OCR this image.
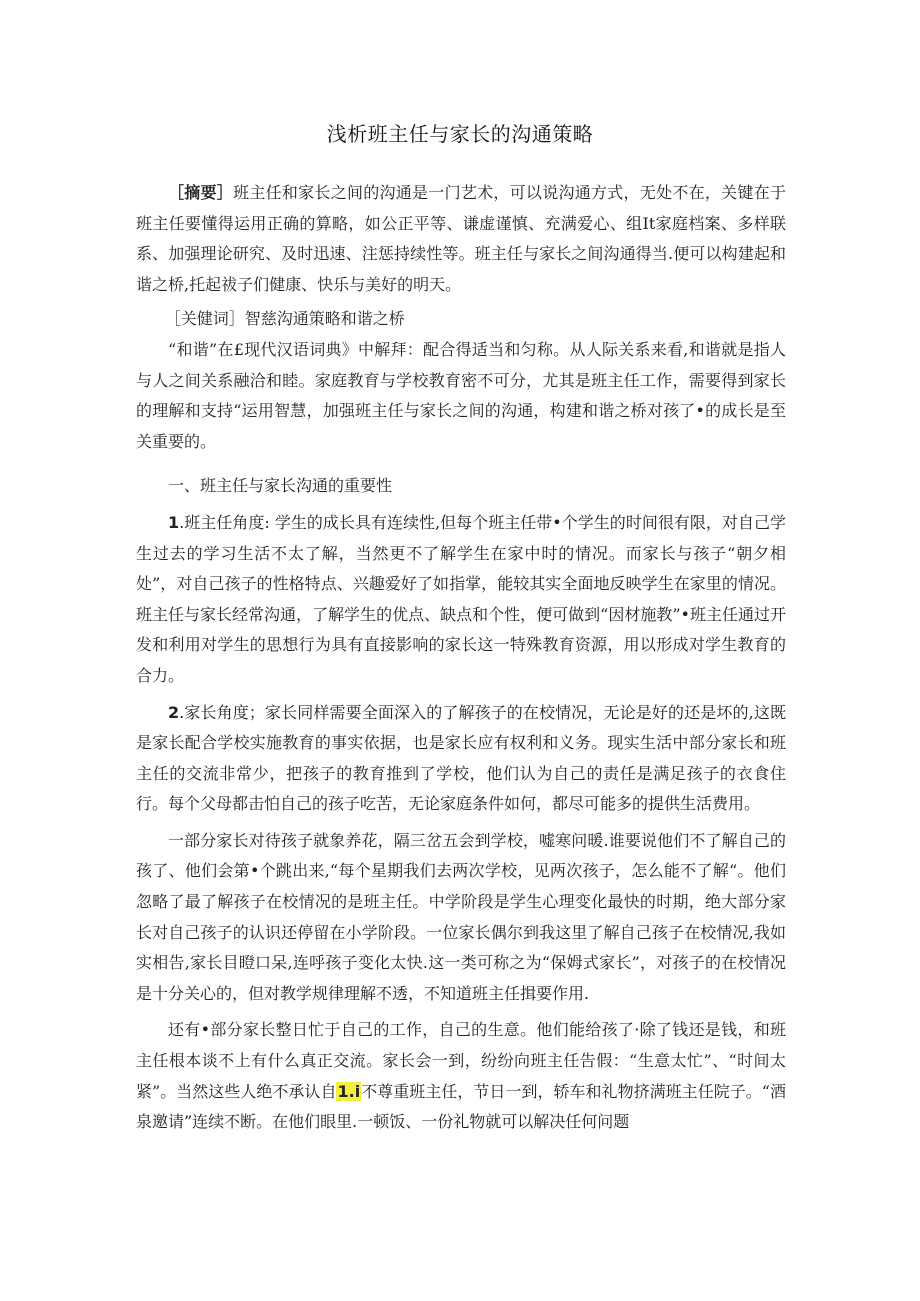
浅析班主任与家长的沟通策略

［摘要］班主任和家长之间的沟通是一门艺术，可以说沟通方式，无处不在，关键在于班主任要懂得运用正确的算略，如公正平等、谦虚谨慎、充满爱心、组It家庭档案、多样联系、加强理论研究、及时迅速、注惩持续性等。班主任与家长之间沟通得当.便可以构建起和谐之桥,托起祓子们健康、快乐与美好的明天。

［关健词］智慈沟通策略和谐之桥

“和谐”在£现代汉语词典》中解拜：配合得适当和匀称。从人际关系来看,和谐就是指人与人之间关系融洽和睦。家庭教育与学校教育密不可分，尤其是班主任工作，需要得到家长的理解和支持“运用智慧，加强班主任与家长之间的沟通，构建和谐之桥对孩了•的成长是至关重要的。

一、班主任与家长沟通的重要性

1.班主任角度: 学生的成长具有连续性,但每个班主任带•个学生的时间很有限，对自己学生过去的学习生活不太了解，当然更不了解学生在家中时的情况。而家长与孩子“朝夕相处”，对自己孩子的性格特点、兴趣爱好了如指掌，能较其实全面地反映学生在家里的情况。班主任与家长经常沟通，了解学生的优点、缺点和个性，便可做到“因材施教”•班主任通过开发和利用对学生的思想行为具有直接影响的家长这一特殊教育资源，用以形成对学生教育的合力。

2.家长角度；家长同样需要全面深入的了解孩子的在校情况，无论是好的还是坏的,这既是家长配合学校实施教育的事实依据，也是家长应有权利和义务。现实生活中部分家长和班主任的交流非常少，把孩子的教育推到了学校，他们认为自己的责任是满足孩子的衣食住行。每个父母都击怕自己的孩子吃苦，无论家庭条件如何，都尽可能多的提供生活费用。

一部分家长对待孩子就象养花，隔三岔五会到学校，嘘寒问暖.谁要说他们不了解自己的孩了、他们会第•个跳出来,“每个星期我们去两次学校，见两次孩子，怎么能不了解“。他们忽略了最了解孩子在校情况的是班主任。中学阶段是学生心理变化最快的时期，绝大部分家长对自己孩子的认识还停留在小学阶段。一位家长偶尔到我这里了解自己孩子在校情况,我如实相告,家长目瞪口呆,连呼孩子变化太快.这一类可称之为“保姆式家长”，对孩子的在校情况是十分关心的，但对教学规律理解不透，不知道班主任揖要作用.

还有•部分家长整日忙于自己的工作，自己的生意。他们能给孩了·除了钱还是钱，和班主任根本谈不上有什么真正交流。家长会一到，纷纷向班主任告假：“生意太忙”、“时间太紧”。当然这些人绝不承认自1.i不尊重班主任，节日一到，轿车和礼物挤满班主任院子。“酒泉邀请”连续不断。在他们眼里.一顿饭、一份礼物就可以解决任何问题
